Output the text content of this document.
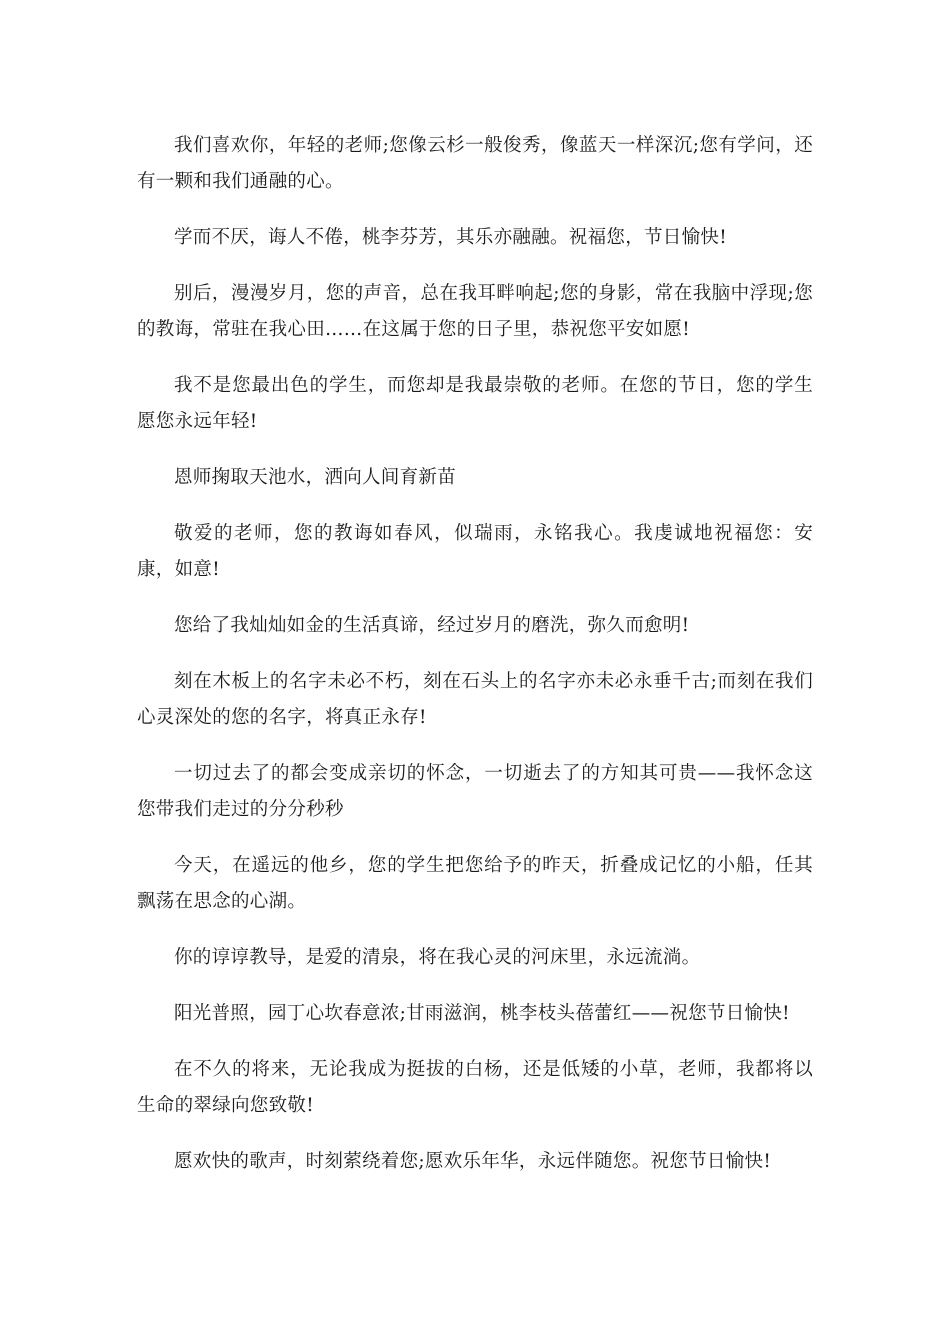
我们喜欢你，年轻的老师;您像云杉一般俊秀，像蓝天一样深沉;您有学问，还有一颗和我们通融的心。

学而不厌，诲人不倦，桃李芬芳，其乐亦融融。祝福您，节日愉快!

别后，漫漫岁月，您的声音，总在我耳畔响起;您的身影，常在我脑中浮现;您的教诲，常驻在我心田……在这属于您的日子里，恭祝您平安如愿!

我不是您最出色的学生，而您却是我最崇敬的老师。在您的节日，您的学生愿您永远年轻!

恩师掬取天池水，洒向人间育新苗

敬爱的老师，您的教诲如春风，似瑞雨，永铭我心。我虔诚地祝福您：安康，如意!

您给了我灿灿如金的生活真谛，经过岁月的磨洗，弥久而愈明!

刻在木板上的名字未必不朽，刻在石头上的名字亦未必永垂千古;而刻在我们心灵深处的您的名字，将真正永存!

一切过去了的都会变成亲切的怀念，一切逝去了的方知其可贵——我怀念这您带我们走过的分分秒秒

今天，在遥远的他乡，您的学生把您给予的昨天，折叠成记忆的小船，任其飘荡在思念的心湖。

你的谆谆教导，是爱的清泉，将在我心灵的河床里，永远流淌。

阳光普照，园丁心坎春意浓;甘雨滋润，桃李枝头蓓蕾红——祝您节日愉快!

在不久的将来，无论我成为挺拔的白杨，还是低矮的小草，老师，我都将以生命的翠绿向您致敬!

愿欢快的歌声，时刻萦绕着您;愿欢乐年华，永远伴随您。祝您节日愉快!
